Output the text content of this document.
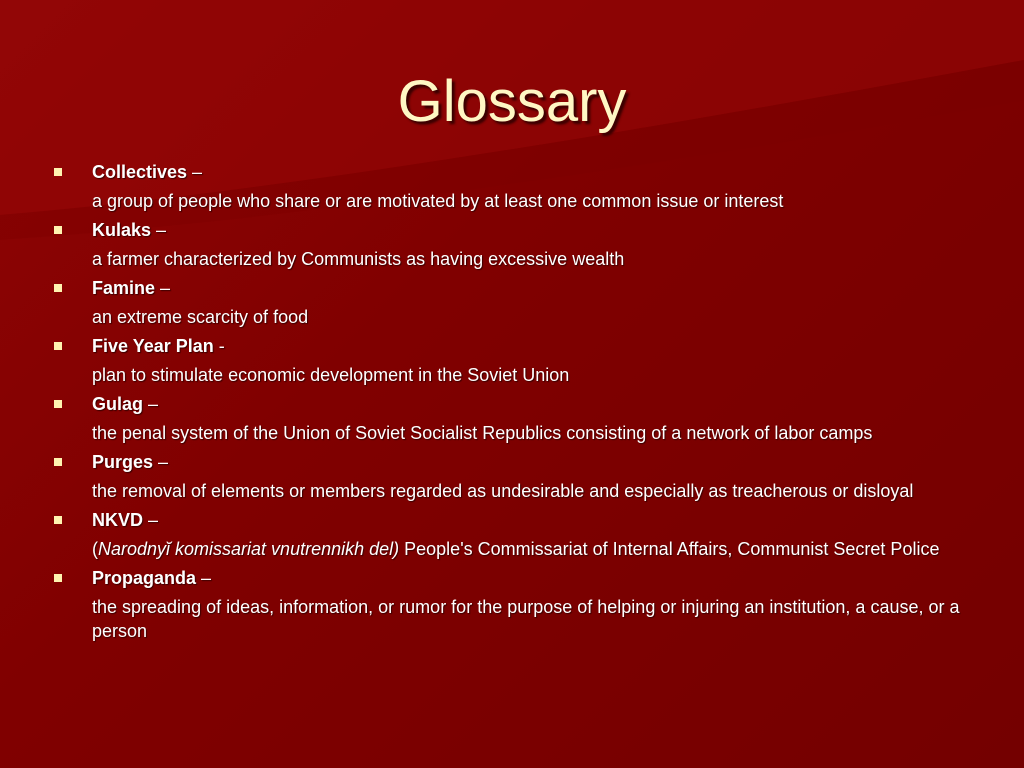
Glossary
Collectives –
a group of people who share or are motivated by at least one common issue or interest
Kulaks –
a farmer characterized by Communists as having excessive wealth
Famine –
an extreme scarcity of food
Five Year Plan -
plan to stimulate economic development in the Soviet Union
Gulag –
the penal system of the Union of Soviet Socialist Republics consisting of a network of labor camps
Purges –
the removal of elements or members regarded as undesirable and especially as treacherous or disloyal
NKVD –
(Narodnyĭ komissariat vnutrennikh del) People's Commissariat of Internal Affairs, Communist Secret Police
Propaganda –
the spreading of ideas, information, or rumor for the purpose of helping or injuring an institution, a cause, or a person
